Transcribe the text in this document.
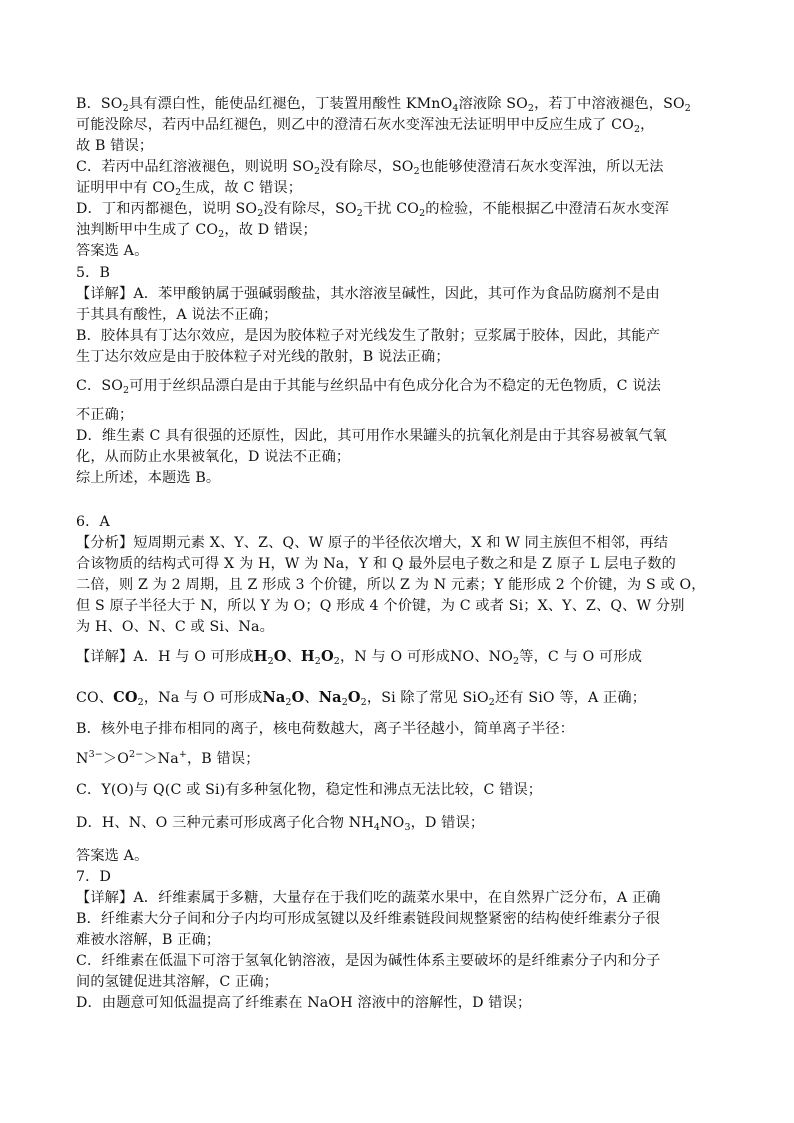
B．$SO_2$具有漂白性，能使品红褪色，丁装置用酸性 KMnO$_4$溶液除 $SO_2$，若丁中溶液褪色，$SO_2$
可能没除尽，若丙中品红褪色，则乙中的澄清石灰水变浑浊无法证明甲中反应生成了 $CO_2$，
故 B 错误；
C．若丙中品红溶液褪色，则说明 $SO_2$没有除尽，$SO_2$也能够使澄清石灰水变浑浊，所以无法
证明甲中有 $CO_2$生成，故 C 错误；
D．丁和丙都褪色，说明 $SO_2$没有除尽，$SO_2$干扰 $CO_2$的检验，不能根据乙中澄清石灰水变浑
浊判断甲中生成了 $CO_2$，故 D 错误；
答案选 A。
5．B
【详解】A．苯甲酸钠属于强碱弱酸盐，其水溶液呈碱性，因此，其可作为食品防腐剂不是由
于其具有酸性，A 说法不正确；
B．胶体具有丁达尔效应，是因为胶体粒子对光线发生了散射；豆浆属于胶体，因此，其能产
生丁达尔效应是由于胶体粒子对光线的散射，B 说法正确；
C．$SO_2$可用于丝织品漂白是由于其能与丝织品中有色成分化合为不稳定的无色物质，C 说法
不正确；
D．维生素 C 具有很强的还原性，因此，其可用作水果罐头的抗氧化剂是由于其容易被氧气氧
化，从而防止水果被氧化，D 说法不正确；
综上所述，本题选 B。
6．A
【分析】短周期元素 X、Y、Z、Q、W 原子的半径依次增大，X 和 W 同主族但不相邻，再结
合该物质的结构式可得 X 为 H，W 为 Na，Y 和 Q 最外层电子数之和是 Z 原子 L 层电子数的
二倍，则 Z 为 2 周期，且 Z 形成 3 个价键，所以 Z 为 N 元素；Y 能形成 2 个价键，为 S 或 O，
但 S 原子半径大于 N，所以 Y 为 O；Q 形成 4 个价键，为 C 或者 Si；X、Y、Z、Q、W 分别
为 H、O、N、C 或 Si、Na。
【详解】A．H 与 O 可形成$H_2O$、$H_2O_2$，N 与 O 可形成NO、$NO_2$等，C 与 O 可形成
CO、$CO_2$，Na 与 O 可形成$Na_2O$、$Na_2O_2$，Si 除了常见 SiO$_2$还有 SiO 等，A 正确；
B．核外电子排布相同的离子，核电荷数越大，离子半径越小，简单离子半径：
$N^{3-}>O^{2-}>Na^+$，B 错误；
C．Y(O)与 Q(C 或 Si)有多种氢化物，稳定性和沸点无法比较，C 错误；
D．H、N、O 三种元素可形成离子化合物 $NH_4NO_3$，D 错误；
答案选 A。
7．D
【详解】A．纤维素属于多糖，大量存在于我们吃的蔬菜水果中，在自然界广泛分布，A 正确
B．纤维素大分子间和分子内均可形成氢键以及纤维素链段间规整紧密的结构使纤维素分子很
难被水溶解，B 正确；
C．纤维素在低温下可溶于氢氧化钠溶液，是因为碱性体系主要破坏的是纤维素分子内和分子
间的氢键促进其溶解，C 正确；
D．由题意可知低温提高了纤维素在 NaOH 溶液中的溶解性，D 错误；
